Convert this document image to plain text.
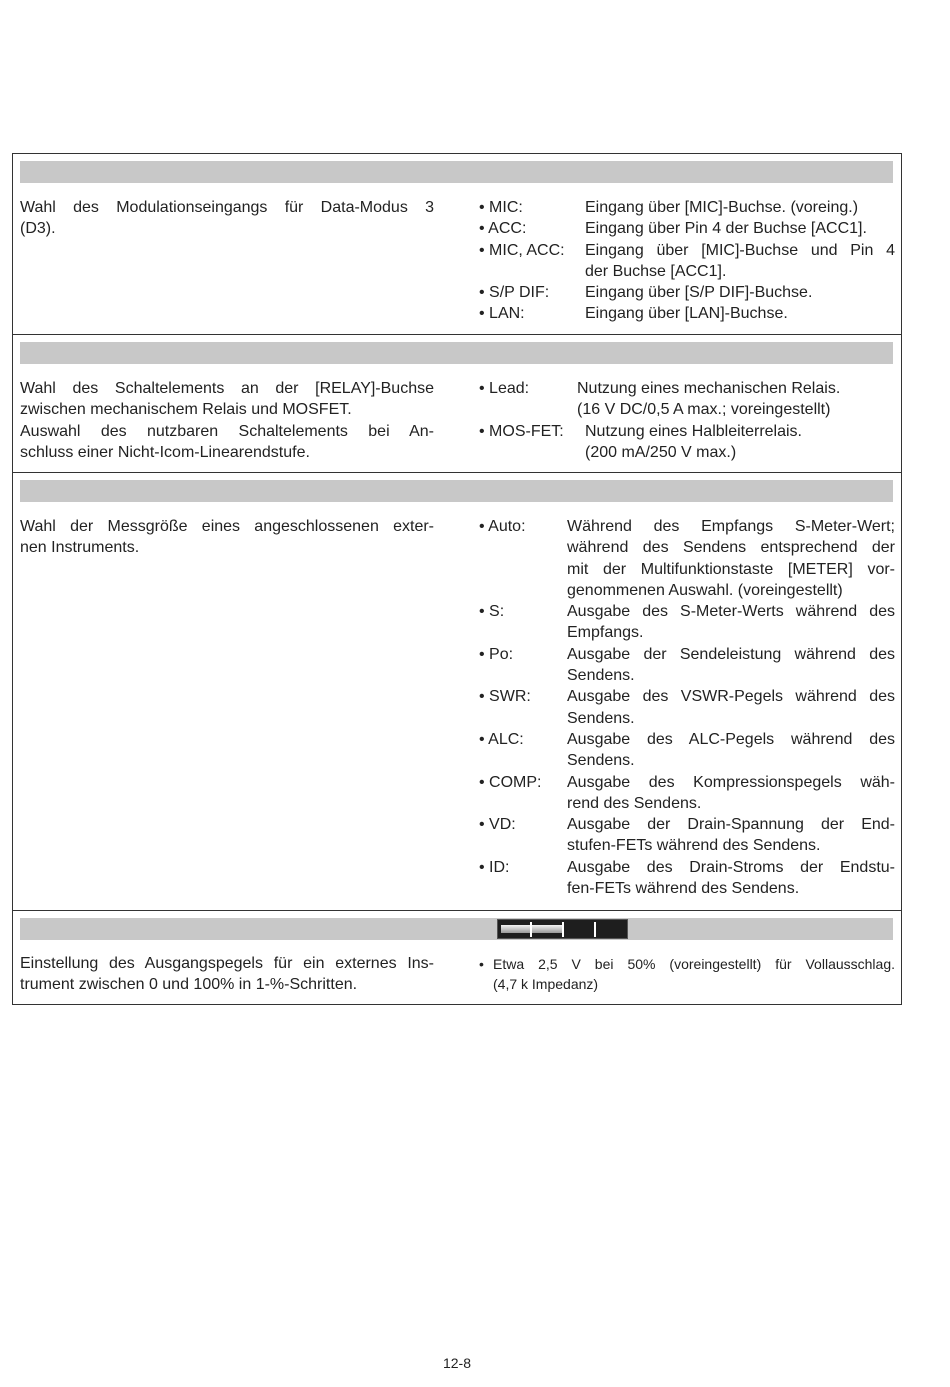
Wahl des Modulationseingangs für Data-Modus 3
(D3).
• MIC:	Eingang über [MIC]-Buchse. (voreing.)
• ACC:	Eingang über Pin 4 der Buchse [ACC1].
• MIC, ACC:	Eingang über [MIC]-Buchse und Pin 4
der Buchse [ACC1].
• S/P DIF:	Eingang über [S/P DIF]-Buchse.
• LAN:	Eingang über [LAN]-Buchse.
Wahl des Schaltelements an der [RELAY]-Buchse
zwischen mechanischem Relais und MOSFET.
Auswahl des nutzbaren Schaltelements bei An-
schluss einer Nicht-Icom-Linearendstufe.
• Lead:	Nutzung eines mechanischen Relais.
(16 V DC/0,5 A max.; voreingestellt)
• MOS-FET:	Nutzung eines Halbleiterrelais.
(200 mA/250 V max.)
Wahl der Messgröße eines angeschlossenen exter-
nen Instruments.
• Auto:	Während des Empfangs S-Meter-Wert;
während des Sendens entsprechend der
mit der Multifunktionstaste [METER] vor-
genommenen Auswahl. (voreingestellt)
• S:	Ausgabe des S-Meter-Werts während des
Empfangs.
• Po:	Ausgabe der Sendeleistung während des
Sendens.
• SWR:	Ausgabe des VSWR-Pegels während des
Sendens.
• ALC:	Ausgabe des ALC-Pegels während des
Sendens.
• COMP:	Ausgabe des Kompressionspegels wäh-
rend des Sendens.
• VD:	Ausgabe der Drain-Spannung der End-
stufen-FETs während des Sendens.
• ID:	Ausgabe des Drain-Stroms der Endstu-
fen-FETs während des Sendens.
Einstellung des Ausgangspegels für ein externes Ins-
trument zwischen 0 und 100% in 1-%-Schritten.
• Etwa 2,5 V bei 50% (voreingestellt) für Vollausschlag.
(4,7 k Impedanz)
12-8
